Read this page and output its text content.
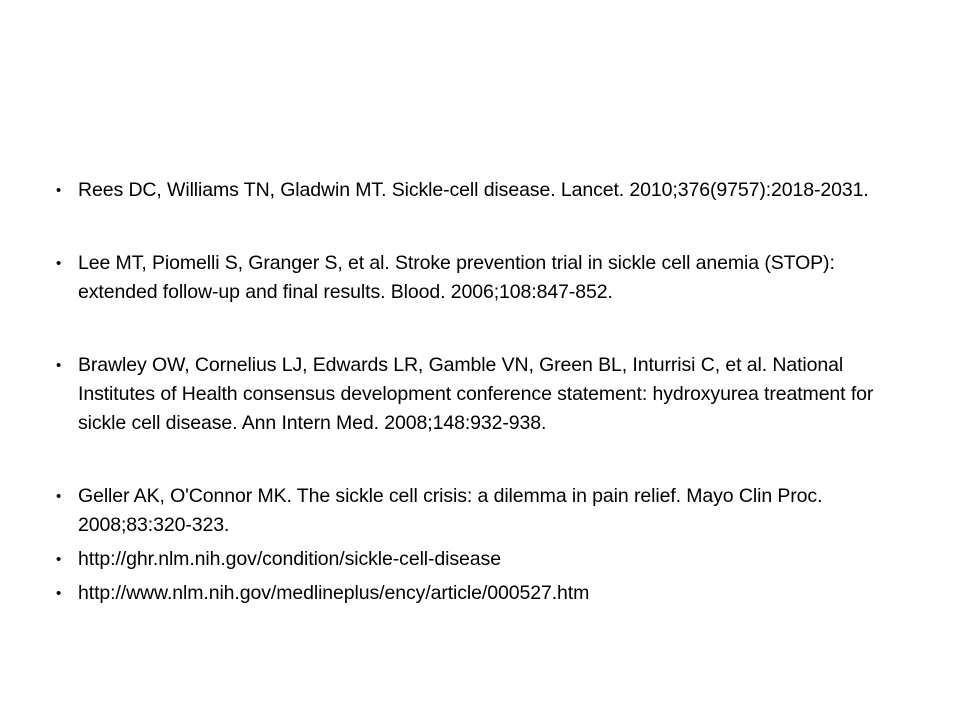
• Rees DC, Williams TN, Gladwin MT. Sickle-cell disease. Lancet. 2010;376(9757):2018-2031.
• Lee MT, Piomelli S, Granger S, et al. Stroke prevention trial in sickle cell anemia (STOP): extended follow-up and final results. Blood. 2006;108:847-852.
• Brawley OW, Cornelius LJ, Edwards LR, Gamble VN, Green BL, Inturrisi C, et al. National Institutes of Health consensus development conference statement: hydroxyurea treatment for sickle cell disease. Ann Intern Med. 2008;148:932-938.
• Geller AK, O'Connor MK. The sickle cell crisis: a dilemma in pain relief. Mayo Clin Proc. 2008;83:320-323.
• http://ghr.nlm.nih.gov/condition/sickle-cell-disease
• http://www.nlm.nih.gov/medlineplus/ency/article/000527.htm
